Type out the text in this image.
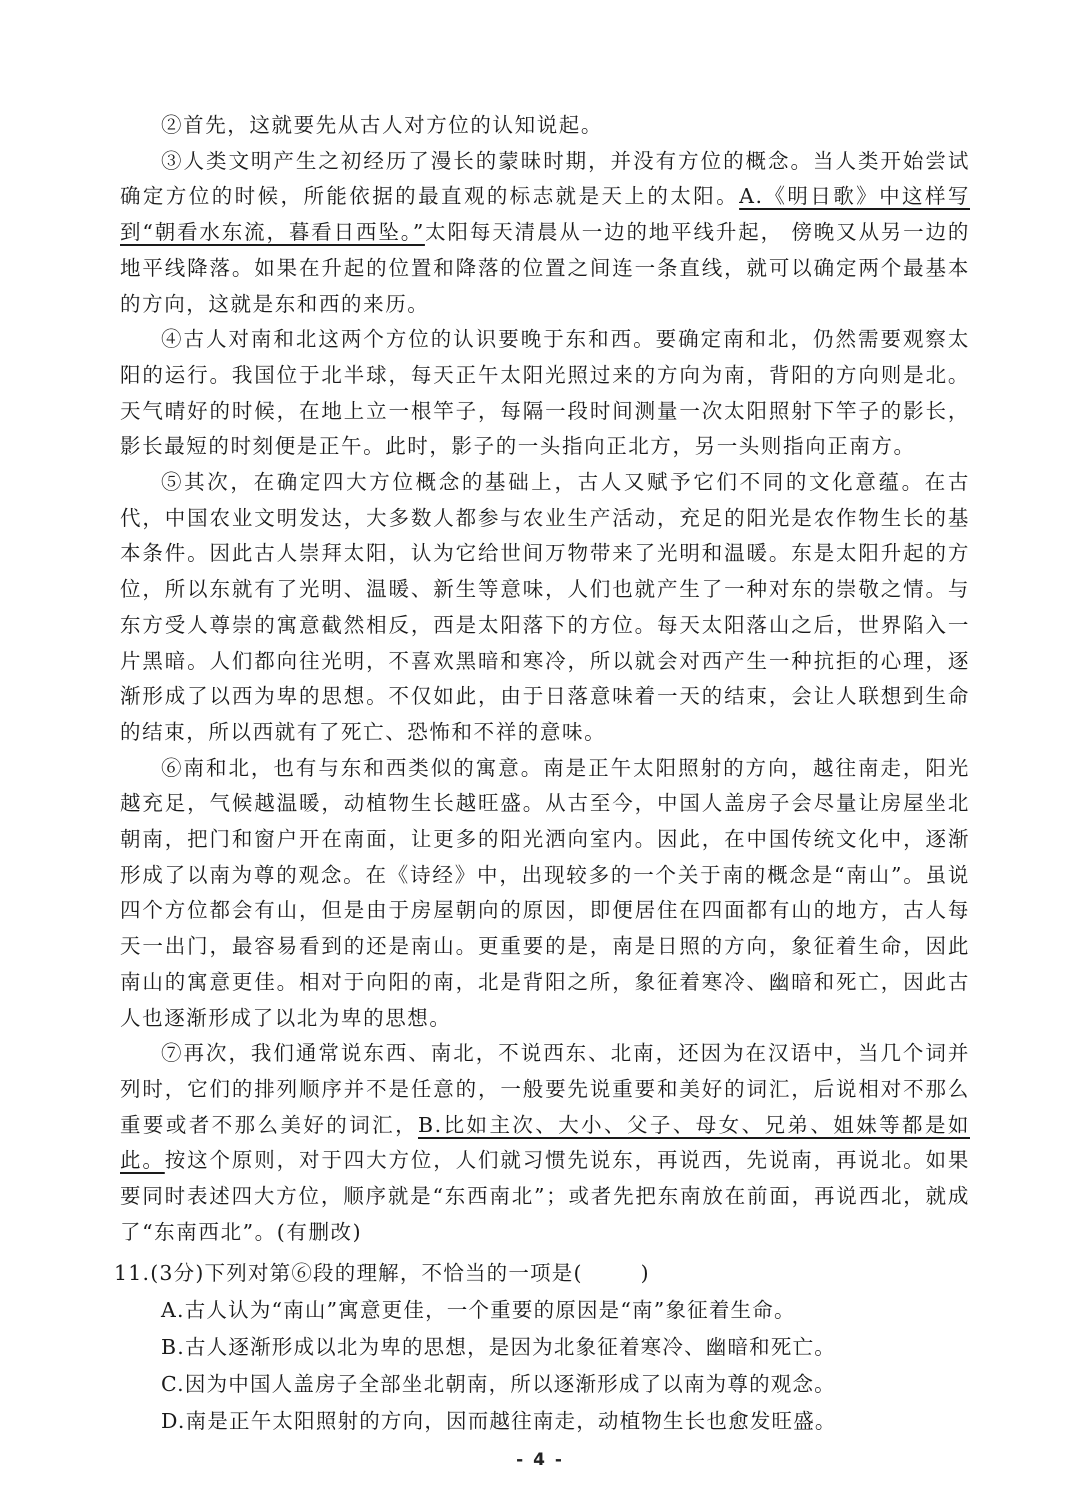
②首先，这就要先从古人对方位的认知说起。

③人类文明产生之初经历了漫长的蒙昧时期，并没有方位的概念。当人类开始尝试确定方位的时候，所能依据的最直观的标志就是天上的太阳。A.《明日歌》中这样写到“朝看水东流，暮看日西坠。”太阳每天清晨从一边的地平线升起， 傍晚又从另一边的地平线降落。如果在升起的位置和降落的位置之间连一条直线，就可以确定两个最基本的方向，这就是东和西的来历。

④古人对南和北这两个方位的认识要晚于东和西。要确定南和北，仍然需要观察太阳的运行。我国位于北半球，每天正午太阳光照过来的方向为南，背阳的方向则是北。天气晴好的时候，在地上立一根竿子，每隔一段时间测量一次太阳照射下竿子的影长，影长最短的时刻便是正午。此时，影子的一头指向正北方，另一头则指向正南方。

⑤其次，在确定四大方位概念的基础上，古人又赋予它们不同的文化意蕴。在古代，中国农业文明发达，大多数人都参与农业生产活动，充足的阳光是农作物生长的基本条件。因此古人崇拜太阳，认为它给世间万物带来了光明和温暖。东是太阳升起的方位，所以东就有了光明、温暖、新生等意味，人们也就产生了一种对东的崇敬之情。与东方受人尊崇的寓意截然相反，西是太阳落下的方位。每天太阳落山之后，世界陷入一片黑暗。人们都向往光明，不喜欢黑暗和寒冷，所以就会对西产生一种抗拒的心理，逐渐形成了以西为卑的思想。不仅如此，由于日落意味着一天的结束，会让人联想到生命的结束，所以西就有了死亡、恐怖和不祥的意味。

⑥南和北，也有与东和西类似的寓意。南是正午太阳照射的方向，越往南走，阳光越充足，气候越温暖，动植物生长越旺盛。从古至今，中国人盖房子会尽量让房屋坐北朝南，把门和窗户开在南面，让更多的阳光洒向室内。因此，在中国传统文化中，逐渐形成了以南为尊的观念。在《诗经》中，出现较多的一个关于南的概念是“南山”。虽说四个方位都会有山，但是由于房屋朝向的原因，即便居住在四面都有山的地方，古人每天一出门，最容易看到的还是南山。更重要的是，南是日照的方向，象征着生命，因此南山的寓意更佳。相对于向阳的南，北是背阳之所，象征着寒冷、幽暗和死亡，因此古人也逐渐形成了以北为卑的思想。

⑦再次，我们通常说东西、南北，不说西东、北南，还因为在汉语中，当几个词并列时，它们的排列顺序并不是任意的，一般要先说重要和美好的词汇，后说相对不那么重要或者不那么美好的词汇，B.比如主次、大小、父子、母女、兄弟、姐妹等都是如此。按这个原则，对于四大方位，人们就习惯先说东，再说西，先说南，再说北。如果要同时表述四大方位，顺序就是“东西南北”；或者先把东南放在前面，再说西北，就成了“东南西北”。(有删改)

11.(3分)下列对第⑥段的理解，不恰当的一项是(	)

A.古人认为“南山”寓意更佳，一个重要的原因是“南”象征着生命。
B.古人逐渐形成以北为卑的思想，是因为北象征着寒冷、幽暗和死亡。
C.因为中国人盖房子全部坐北朝南，所以逐渐形成了以南为尊的观念。
D.南是正午太阳照射的方向，因而越往南走，动植物生长也愈发旺盛。
- 4 -
